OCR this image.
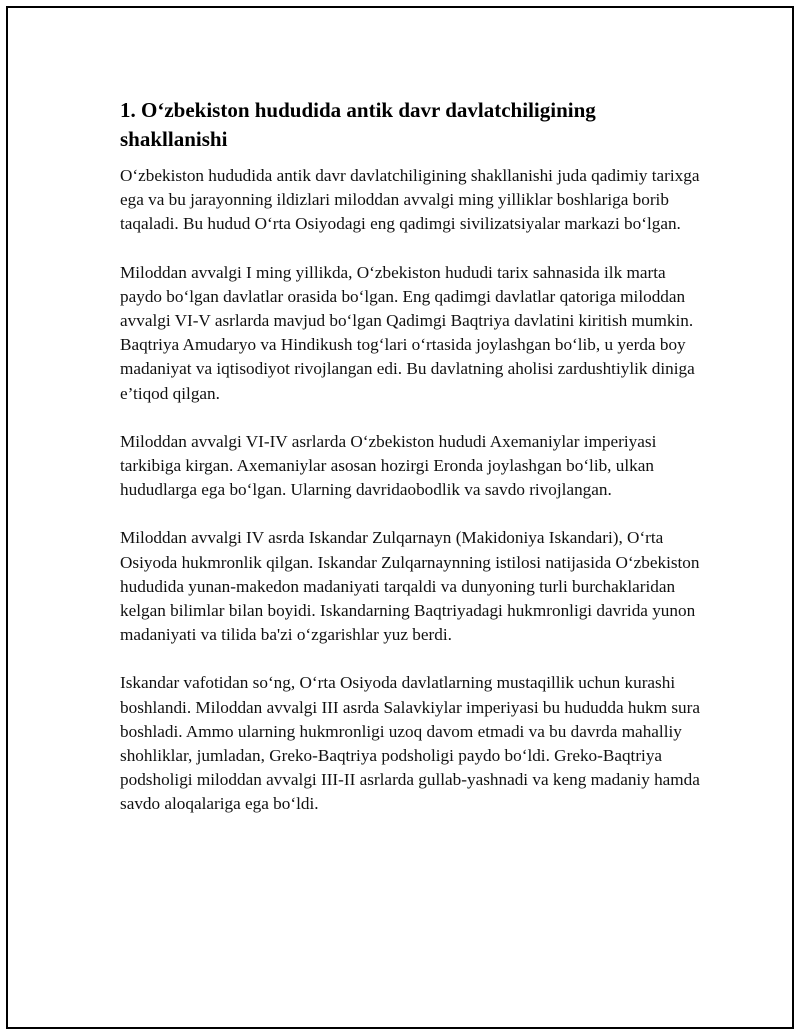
1. O‘zbekiston hududida antik davr davlatchiligining shakllanishi

O‘zbekiston hududida antik davr davlatchiligining shakllanishi juda qadimiy tarixga ega va bu jarayonning ildizlari miloddan avvalgi ming yilliklar boshlariga borib taqaladi. Bu hudud O‘rta Osiyodagi eng qadimgi sivilizatsiyalar markazi bo‘lgan.

Miloddan avvalgi I ming yillikda, O‘zbekiston hududi tarix sahnasida ilk marta paydo bo‘lgan davlatlar orasida bo‘lgan. Eng qadimgi davlatlar qatoriga miloddan avvalgi VI-V asrlarda mavjud bo‘lgan Qadimgi Baqtriya davlatini kiritish mumkin. Baqtriya Amudaryo va Hindikush tog‘lari o‘rtasida joylashgan bo‘lib, u yerda boy madaniyat va iqtisodiyot rivojlangan edi. Bu davlatning aholisi zardushtiylik diniga e’tiqod qilgan.

Miloddan avvalgi VI-IV asrlarda O‘zbekiston hududi Axemaniylar imperiyasi tarkibiga kirgan. Axemaniylar asosan hozirgi Eronda joylashgan bo‘lib, ulkan hududlarga ega bo‘lgan. Ularning davridaobodlik va savdo rivojlangan.

Miloddan avvalgi IV asrda Iskandar Zulqarnayn (Makidoniya Iskandari), O‘rta Osiyoda hukmronlik qilgan. Iskandar Zulqarnaynning istilosi natijasida O‘zbekiston hududida yunan-makedon madaniyati tarqaldi va dunyoning turli burchaklaridan kelgan bilimlar bilan boyidi. Iskandarning Baqtriyadagi hukmronligi davrida yunon madaniyati va tilida ba'zi o‘zgarishlar yuz berdi.

Iskandar vafotidan so‘ng, O‘rta Osiyoda davlatlarning mustaqillik uchun kurashi boshlandi. Miloddan avvalgi III asrda Salavkiylar imperiyasi bu hududda hukm sura boshladi. Ammo ularning hukmronligi uzoq davom etmadi va bu davrda mahalliy shohliklar, jumladan, Greko-Baqtriya podsholigi paydo bo‘ldi. Greko-Baqtriya podsholigi miloddan avvalgi III-II asrlarda gullab-yashnadi va keng madaniy hamda savdo aloqalariga ega bo‘ldi.
